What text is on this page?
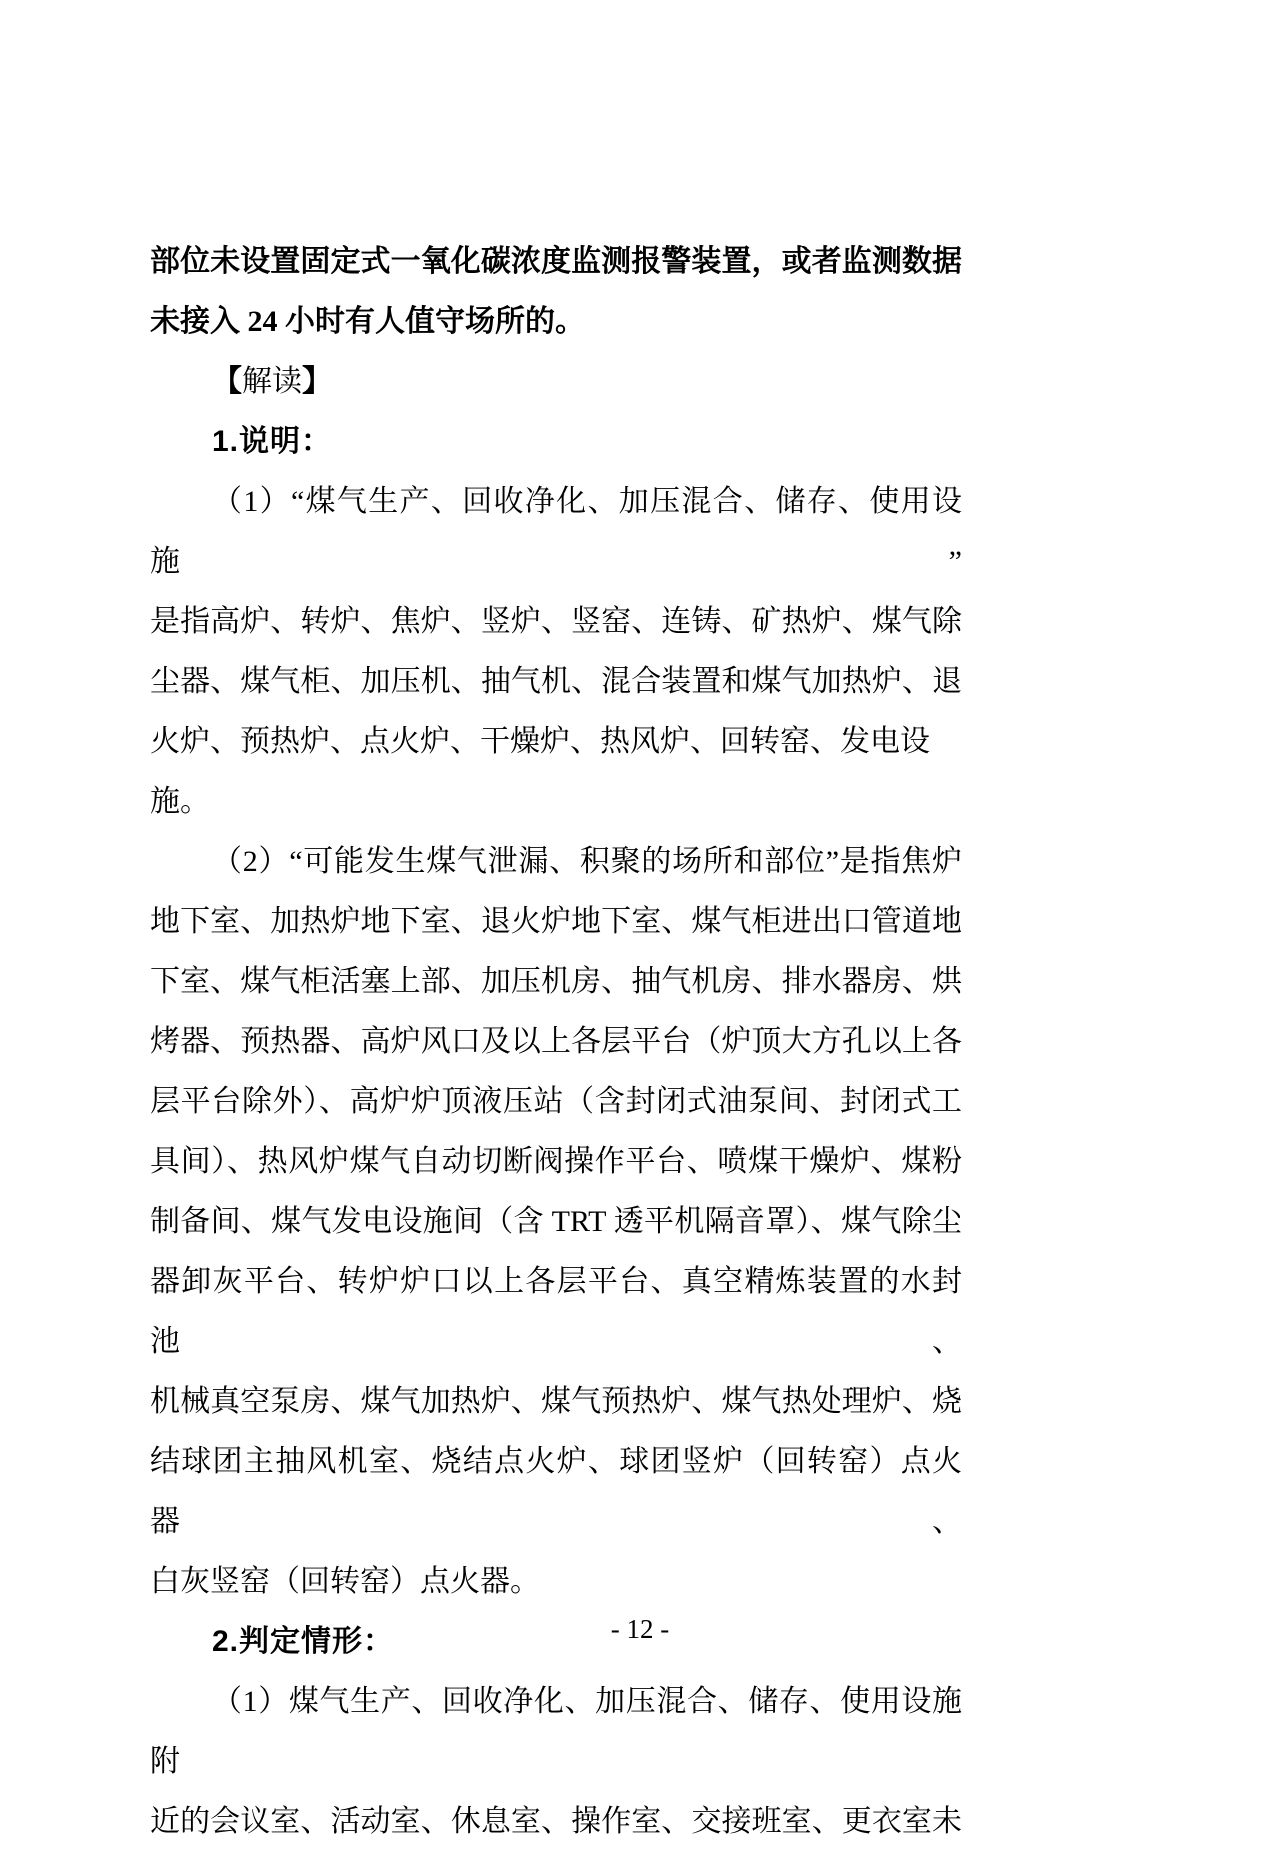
部位未设置固定式一氧化碳浓度监测报警装置，或者监测数据
未接入 24 小时有人值守场所的。
【解读】
1.说明：
（1）“煤气生产、回收净化、加压混合、储存、使用设施”
是指高炉、转炉、焦炉、竖炉、竖窑、连铸、矿热炉、煤气除
尘器、煤气柜、加压机、抽气机、混合装置和煤气加热炉、退
火炉、预热炉、点火炉、干燥炉、热风炉、回转窑、发电设施。
（2）“可能发生煤气泄漏、积聚的场所和部位”是指焦炉
地下室、加热炉地下室、退火炉地下室、煤气柜进出口管道地
下室、煤气柜活塞上部、加压机房、抽气机房、排水器房、烘
烤器、预热器、高炉风口及以上各层平台（炉顶大方孔以上各
层平台除外）、高炉炉顶液压站（含封闭式油泵间、封闭式工
具间）、热风炉煤气自动切断阀操作平台、喷煤干燥炉、煤粉
制备间、煤气发电设施间（含 TRT 透平机隔音罩）、煤气除尘
器卸灰平台、转炉炉口以上各层平台、真空精炼装置的水封池、
机械真空泵房、煤气加热炉、煤气预热炉、煤气热处理炉、烧
结球团主抽风机室、烧结点火炉、球团竖炉（回转窑）点火器、
白灰竖窑（回转窑）点火器。
2.判定情形：
（1）煤气生产、回收净化、加压混合、储存、使用设施附
近的会议室、活动室、休息室、操作室、交接班室、更衣室未
- 12 -
